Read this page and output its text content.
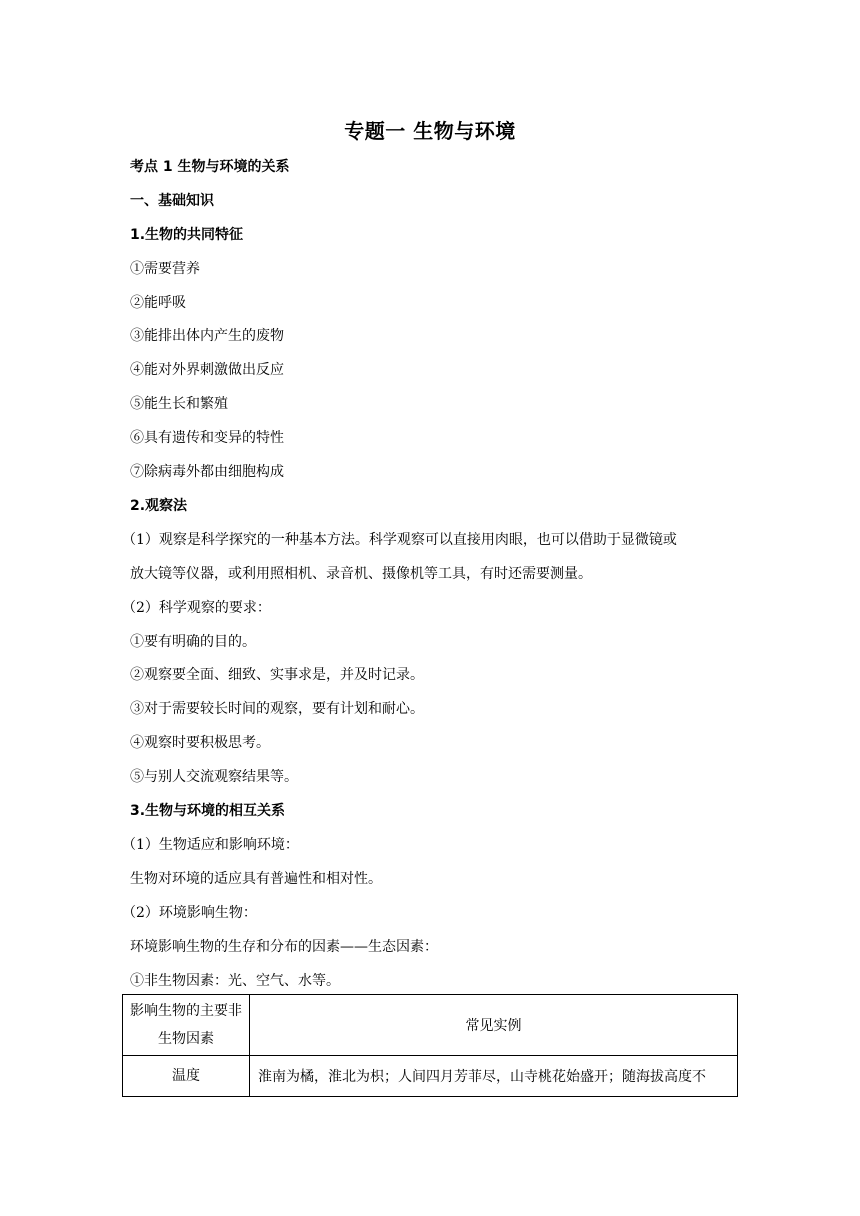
专题一 生物与环境
考点 1 生物与环境的关系
一、基础知识
1.生物的共同特征
①需要营养
②能呼吸
③能排出体内产生的废物
④能对外界刺激做出反应
⑤能生长和繁殖
⑥具有遗传和变异的特性
⑦除病毒外都由细胞构成
2.观察法
（1）观察是科学探究的一种基本方法。科学观察可以直接用肉眼，也可以借助于显微镜或
放大镜等仪器，或利用照相机、录音机、摄像机等工具，有时还需要测量。
（2）科学观察的要求：
①要有明确的目的。
②观察要全面、细致、实事求是，并及时记录。
③对于需要较长时间的观察，要有计划和耐心。
④观察时要积极思考。
⑤与别人交流观察结果等。
3.生物与环境的相互关系
（1）生物适应和影响环境：
生物对环境的适应具有普遍性和相对性。
（2）环境影响生物：
环境影响生物的生存和分布的因素——生态因素：
①非生物因素：光、空气、水等。
影响生物的主要非生物因素	常见实例
温度	淮南为橘，淮北为枳；人间四月芳菲尽，山寺桃花始盛开；随海拔高度不
